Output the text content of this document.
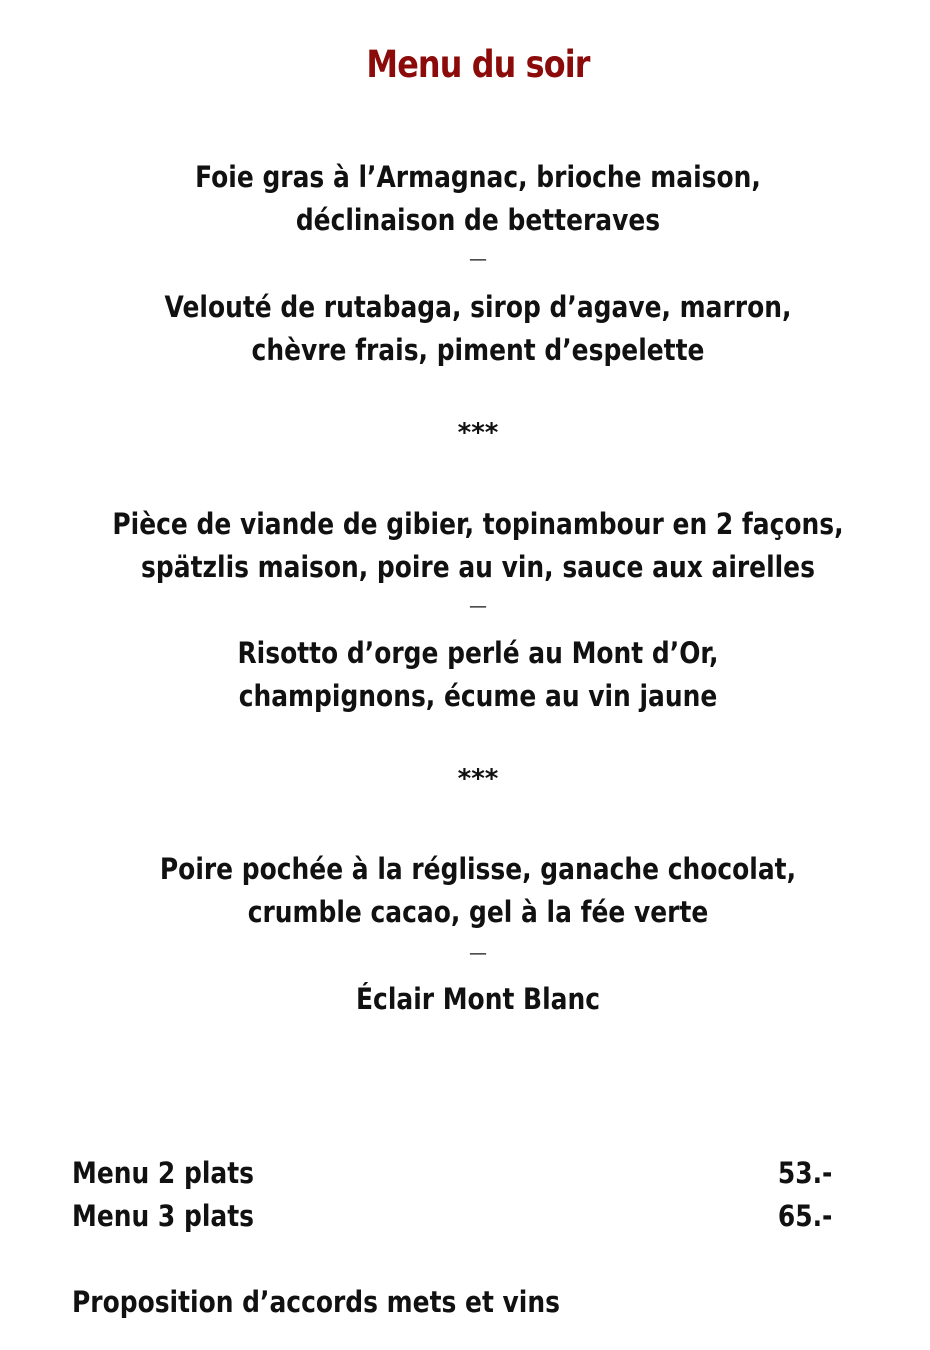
Menu du soir
Foie gras à l’Armagnac, brioche maison,
déclinaison de betteraves
—
Velouté de rutabaga, sirop d’agave, marron,
chèvre frais, piment d’espelette
***
Pièce de viande de gibier, topinambour en 2 façons,
spätzlis maison, poire au vin, sauce aux airelles
—
Risotto d’orge perlé au Mont d’Or,
champignons, écume au vin jaune
***
Poire pochée à la réglisse, ganache chocolat,
crumble cacao, gel à la fée verte
—
Éclair Mont Blanc
Menu 2 plats	53.-
Menu 3 plats	65.-
Proposition d’accords mets et vins
